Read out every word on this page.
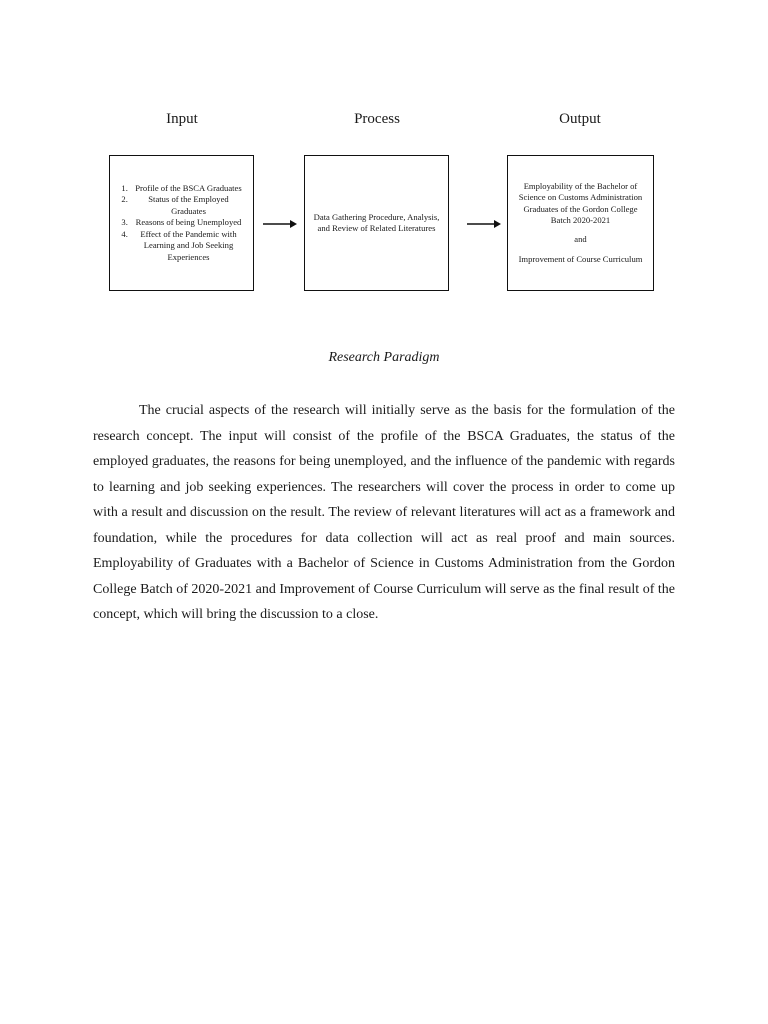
Input	Process	Output
1. Profile of the BSCA Graduates
2. Status of the Employed Graduates
3. Reasons of being Unemployed
4. Effect of the Pandemic with Learning and Job Seeking Experiences
Data Gathering Procedure, Analysis, and Review of Related Literatures
Employability of the Bachelor of Science on Customs Administration Graduates of the Gordon College Batch 2020-2021
and
Improvement of Course Curriculum
Research Paradigm

The crucial aspects of the research will initially serve as the basis for the formulation of the research concept. The input will consist of the profile of the BSCA Graduates, the status of the employed graduates, the reasons for being unemployed, and the influence of the pandemic with regards to learning and job seeking experiences. The researchers will cover the process in order to come up with a result and discussion on the result. The review of relevant literatures will act as a framework and foundation, while the procedures for data collection will act as real proof and main sources. Employability of Graduates with a Bachelor of Science in Customs Administration from the Gordon College Batch of 2020-2021 and Improvement of Course Curriculum will serve as the final result of the concept, which will bring the discussion to a close.
